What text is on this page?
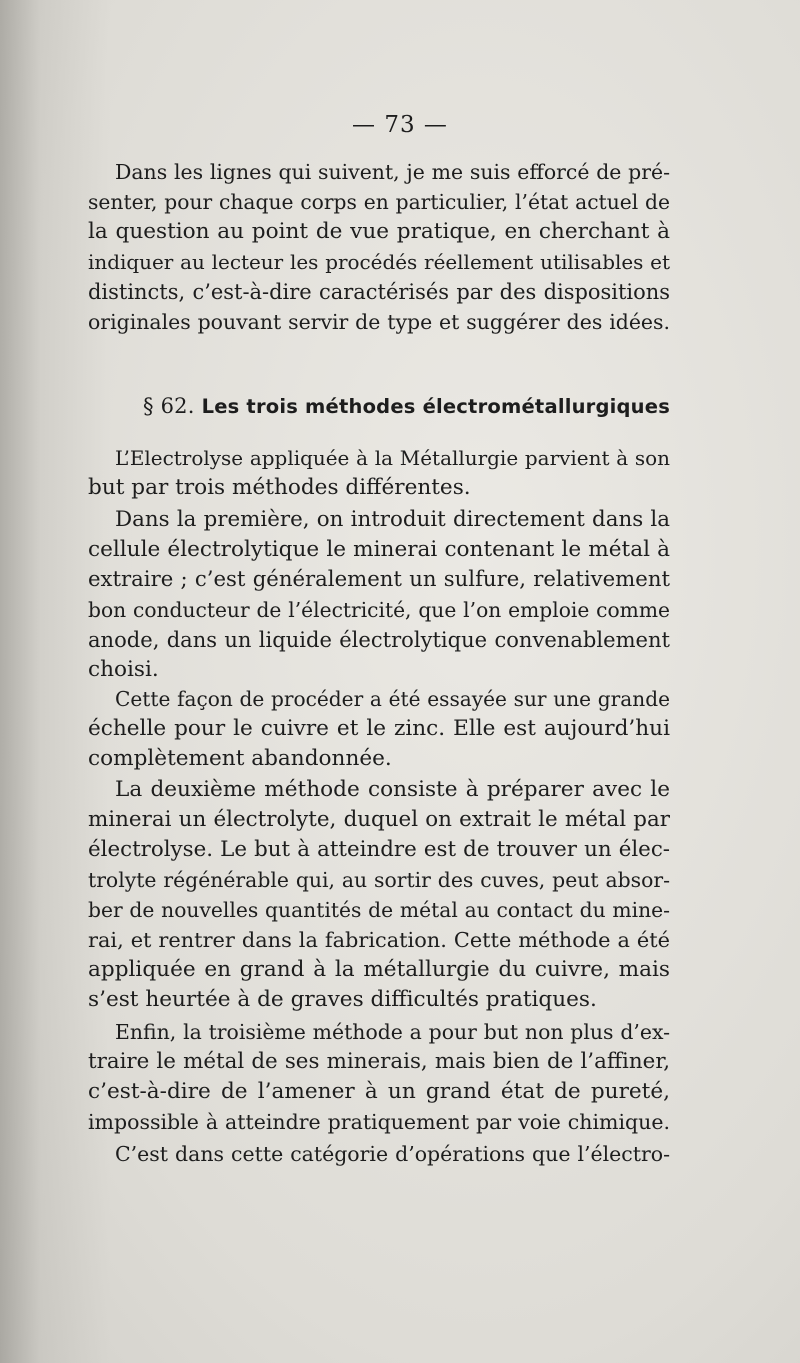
— 73 —
Dans les lignes qui suivent, je me suis efforcé de pré-
senter, pour chaque corps en particulier, l’état actuel de
la question au point de vue pratique, en cherchant à
indiquer au lecteur les procédés réellement utilisables et
distincts, c’est-à-dire caractérisés par des dispositions
originales pouvant servir de type et suggérer des idées.
§ 62. Les trois méthodes électrométallurgiques
L’Electrolyse appliquée à la Métallurgie parvient à son
but par trois méthodes différentes.
Dans la première, on introduit directement dans la
cellule électrolytique le minerai contenant le métal à
extraire ; c’est généralement un sulfure, relativement
bon conducteur de l’électricité, que l’on emploie comme
anode, dans un liquide électrolytique convenablement
choisi.
Cette façon de procéder a été essayée sur une grande
échelle pour le cuivre et le zinc. Elle est aujourd’hui
complètement abandonnée.
La deuxième méthode consiste à préparer avec le
minerai un électrolyte, duquel on extrait le métal par
électrolyse. Le but à atteindre est de trouver un élec-
trolyte régénérable qui, au sortir des cuves, peut absor-
ber de nouvelles quantités de métal au contact du mine-
rai, et rentrer dans la fabrication. Cette méthode a été
appliquée en grand à la métallurgie du cuivre, mais
s’est heurtée à de graves difficultés pratiques.
Enfin, la troisième méthode a pour but non plus d’ex-
traire le métal de ses minerais, mais bien de l’affiner,
c’est-à-dire de l’amener à un grand état de pureté,
impossible à atteindre pratiquement par voie chimique.
C’est dans cette catégorie d’opérations que l’électro-
